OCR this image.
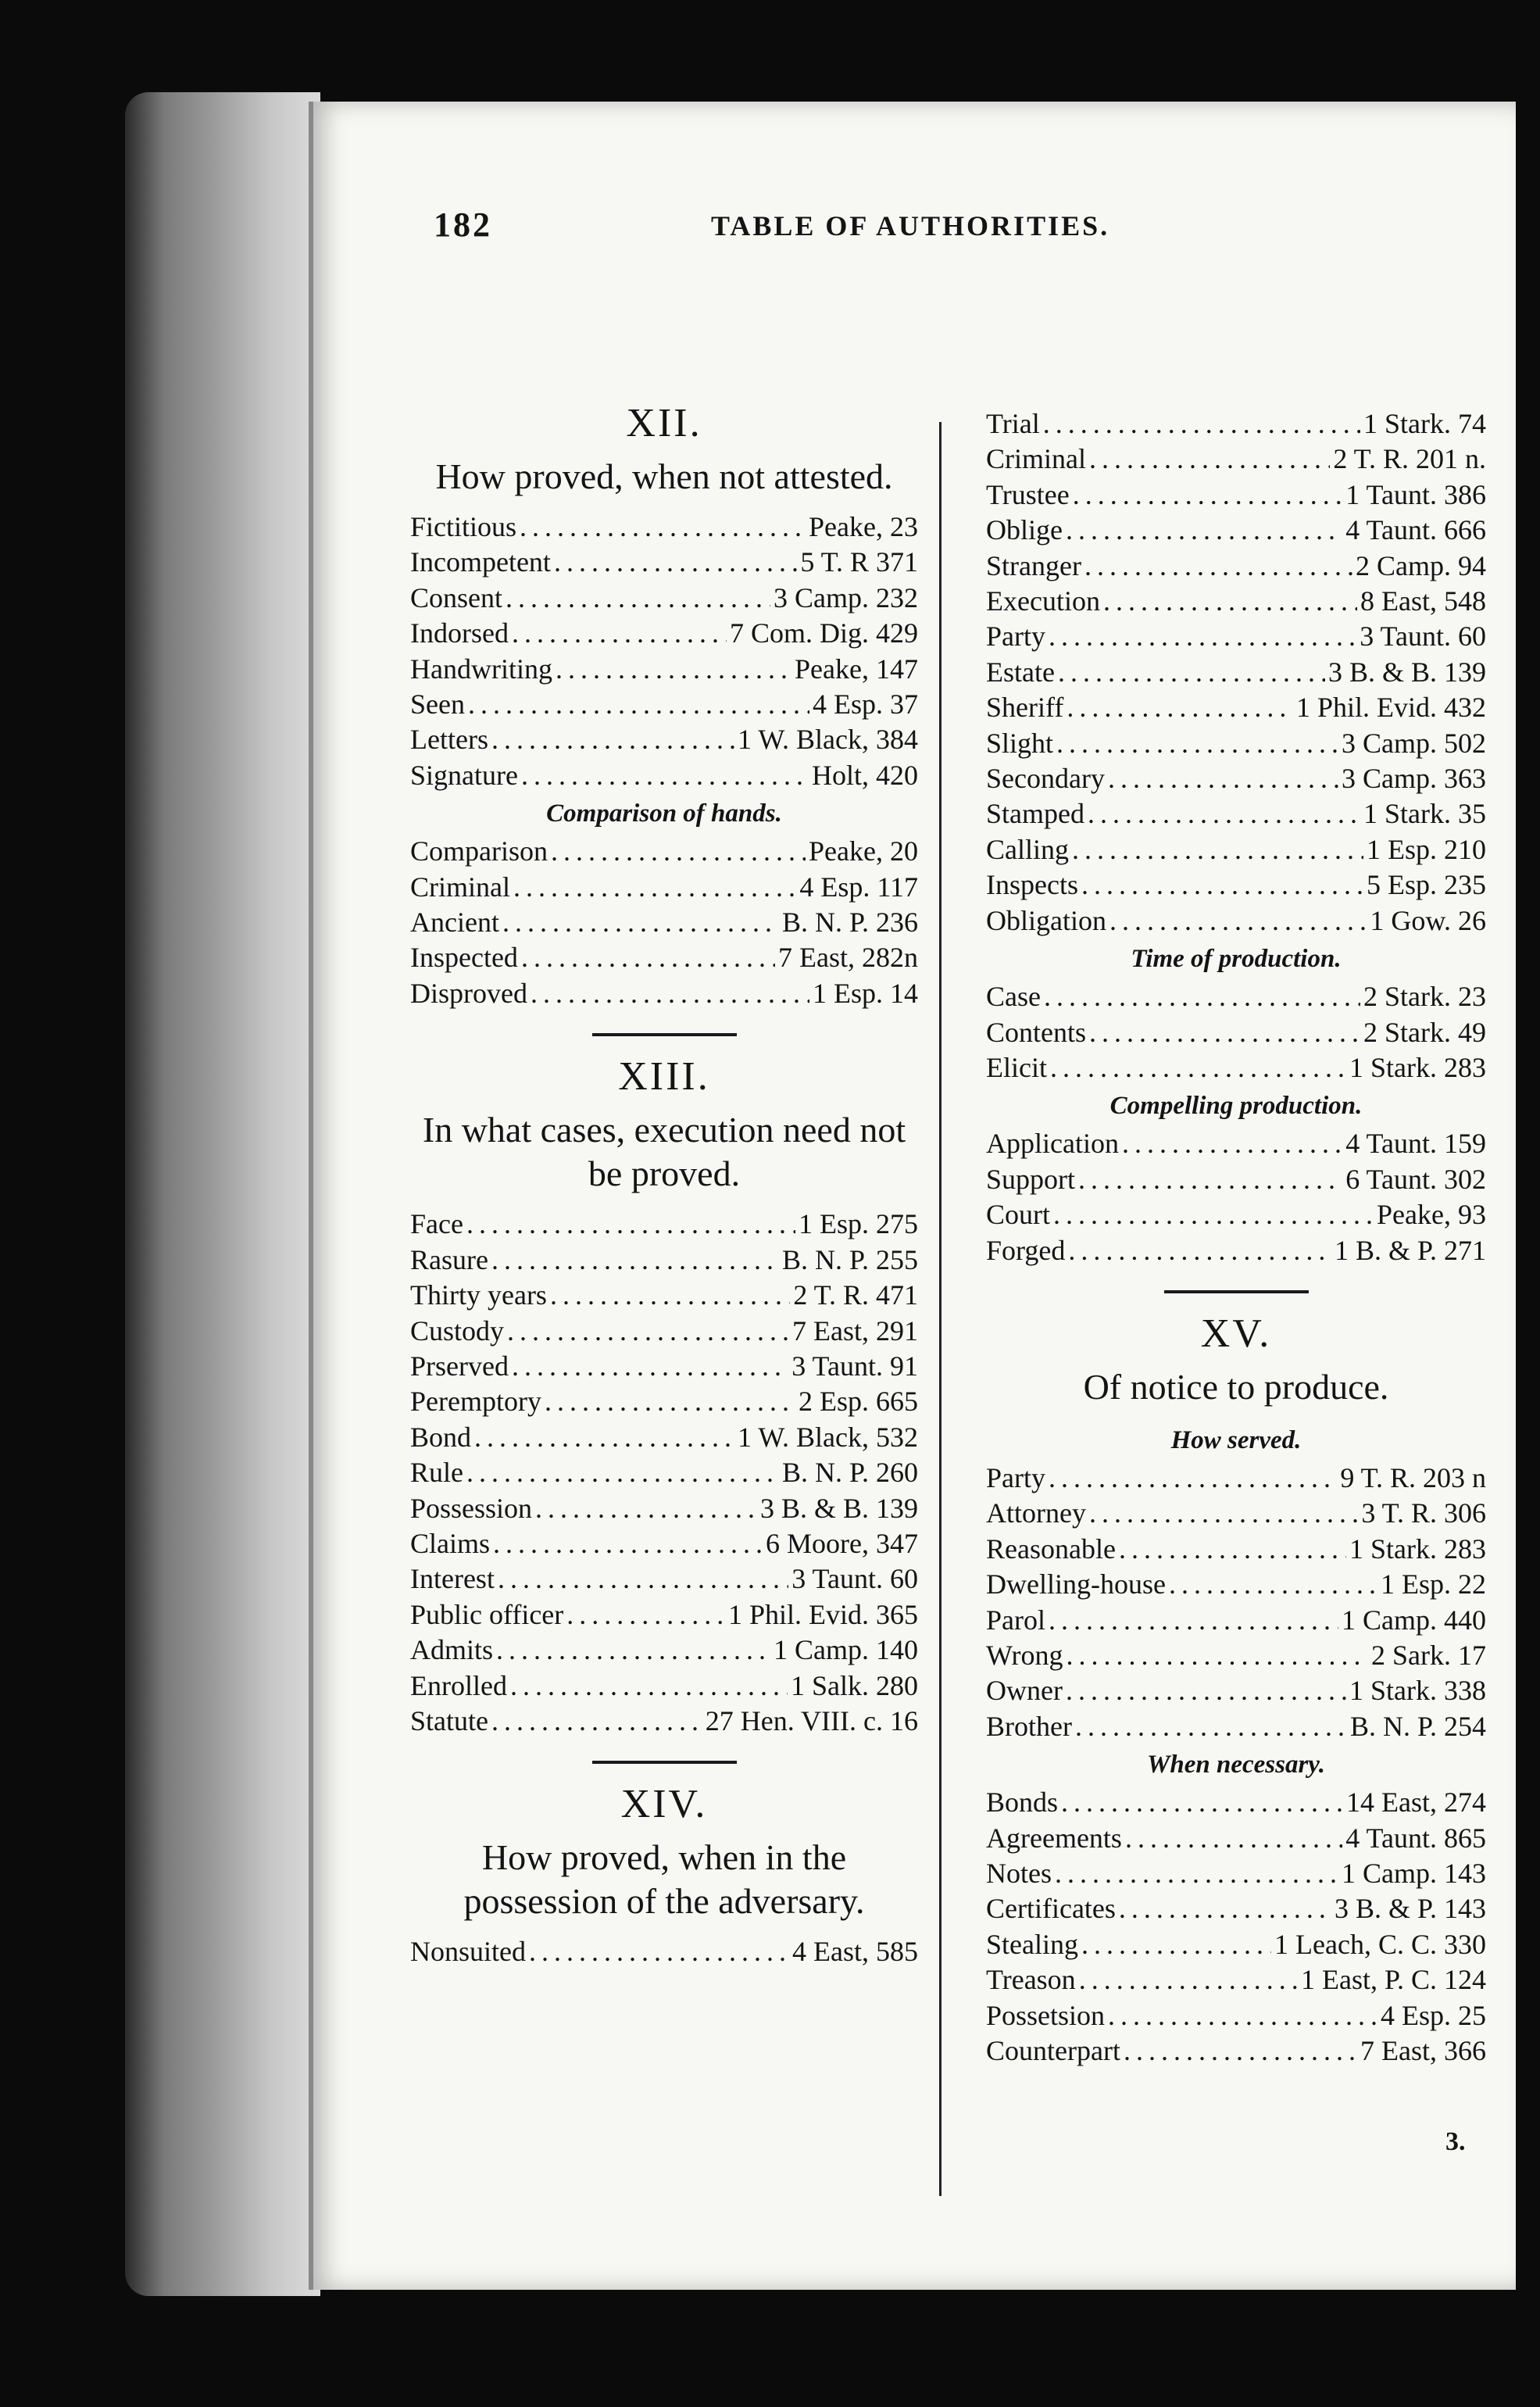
182	TABLE OF AUTHORITIES.
XII.
How proved, when not attested.
Fictitious . . .	Peake, 23
Incompetent . . .	5 T. R 371
Consent . . .	3 Camp. 232
Indorsed . . .	7 Com. Dig. 429
Handwriting . . .	Peake, 147
Seen . . .	4 Esp. 37
Letters . . .	1 W. Black, 384
Signature . . .	Holt, 420
Comparison of hands.
Comparison . . .	Peake, 20
Criminal . . .	4 Esp. 117
Ancient . . .	B. N. P. 236
Inspected . . .	7 East, 282n
Disproved . . .	1 Esp. 14
XIII.
In what cases, execution need not be proved.
Face . . .	1 Esp. 275
Rasure . . .	B. N. P. 255
Thirty years . . .	2 T. R. 471
Custody . . .	7 East, 291
Prserved . . .	3 Taunt. 91
Peremptory . . .	2 Esp. 665
Bond . . .	1 W. Black, 532
Rule . . .	B. N. P. 260
Possession . . .	3 B. & B. 139
Claims . . .	6 Moore, 347
Interest . . .	3 Taunt. 60
Public officer . . .	1 Phil. Evid. 365
Admits . . .	1 Camp. 140
Enrolled . . .	1 Salk. 280
Statute . . .	27 Hen. VIII. c. 16
XIV.
How proved, when in the possession of the adversary.
Nonsuited . . .	4 East, 585
Trial . . .	1 Stark. 74
Criminal . . .	2 T. R. 201 n.
Trustee . . .	1 Taunt. 386
Oblige . . .	4 Taunt. 666
Stranger . . .	2 Camp. 94
Execution . . .	8 East, 548
Party . . .	3 Taunt. 60
Estate . . .	3 B. & B. 139
Sheriff . . .	1 Phil. Evid. 432
Slight . . .	3 Camp. 502
Secondary . . .	3 Camp. 363
Stamped . . .	1 Stark. 35
Calling . . .	1 Esp. 210
Inspects . . .	5 Esp. 235
Obligation . . .	1 Gow. 26
Time of production.
Case . . .	2 Stark. 23
Contents . . .	2 Stark. 49
Elicit . . .	1 Stark. 283
Compelling production.
Application . . .	4 Taunt. 159
Support . . .	6 Taunt. 302
Court . . .	Peake, 93
Forged . . .	1 B. & P. 271
XV.
Of notice to produce.
How served.
Party . . .	9 T. R. 203 n
Attorney . . .	3 T. R. 306
Reasonable . . .	1 Stark. 283
Dwelling-house . . .	1 Esp. 22
Parol . . .	1 Camp. 440
Wrong . . .	2 Sark. 17
Owner . . .	1 Stark. 338
Brother . . .	B. N. P. 254
When necessary.
Bonds . . .	14 East, 274
Agreements . . .	4 Taunt. 865
Notes . . .	1 Camp. 143
Certificates . . .	3 B. & P. 143
Stealing . . .	1 Leach, C. C. 330
Treason . . .	1 East, P. C. 124
Possetsion . . .	4 Esp. 25
Counterpart . . .	7 East, 366
3.
